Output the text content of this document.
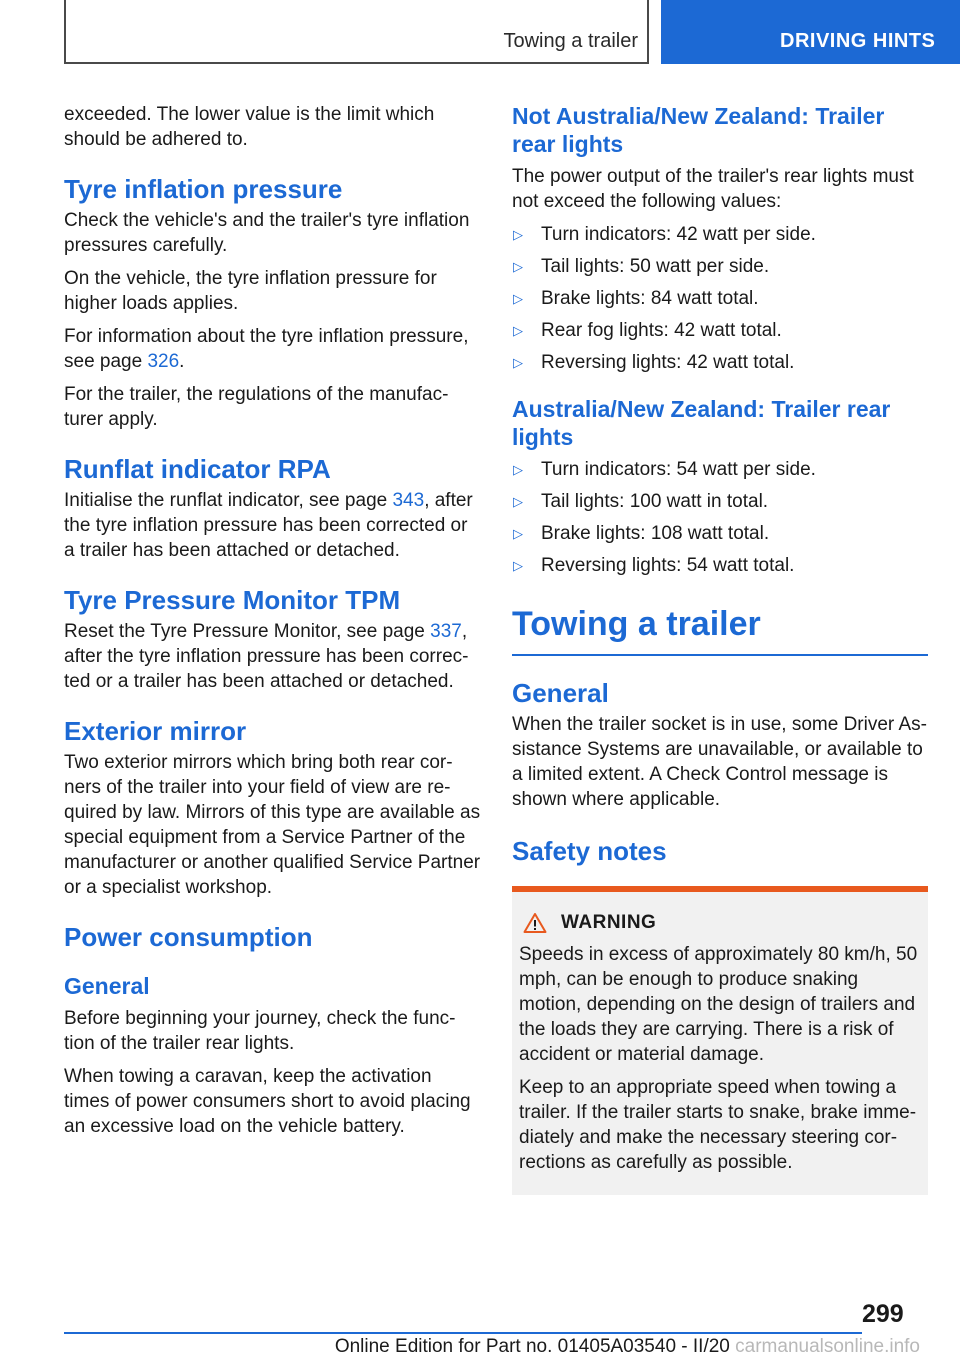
Towing a trailer	DRIVING HINTS

exceeded. The lower value is the limit which should be adhered to.

Tyre inflation pressure

Check the vehicle's and the trailer's tyre inflation pressures carefully.

On the vehicle, the tyre inflation pressure for higher loads applies.

For information about the tyre inflation pressure, see page 326.

For the trailer, the regulations of the manufac‐turer apply.

Runflat indicator RPA

Initialise the runflat indicator, see page 343, after the tyre inflation pressure has been corrected or a trailer has been attached or detached.

Tyre Pressure Monitor TPM

Reset the Tyre Pressure Monitor, see page 337, after the tyre inflation pressure has been correc‐ted or a trailer has been attached or detached.

Exterior mirror

Two exterior mirrors which bring both rear cor‐ners of the trailer into your field of view are re‐quired by law. Mirrors of this type are available as special equipment from a Service Partner of the manufacturer or another qualified Service Partner or a specialist workshop.

Power consumption
General

Before beginning your journey, check the func‐tion of the trailer rear lights.

When towing a caravan, keep the activation times of power consumers short to avoid placing an excessive load on the vehicle battery.

Not Australia/New Zealand: Trailer rear lights

The power output of the trailer's rear lights must not exceed the following values:

▷ Turn indicators: 42 watt per side.
▷ Tail lights: 50 watt per side.
▷ Brake lights: 84 watt total.
▷ Rear fog lights: 42 watt total.
▷ Reversing lights: 42 watt total.
Australia/New Zealand: Trailer rear lights
▷ Turn indicators: 54 watt per side.
▷ Tail lights: 100 watt in total.
▷ Brake lights: 108 watt total.
▷ Reversing lights: 54 watt total.
Towing a trailer
General

When the trailer socket is in use, some Driver As‐sistance Systems are unavailable, or available to a limited extent. A Check Control message is shown where applicable.

Safety notes
WARNING

Speeds in excess of approximately 80 km/h, 50 mph, can be enough to produce snaking motion, depending on the design of trailers and the loads they are carrying. There is a risk of accident or material damage.

Keep to an appropriate speed when towing a trailer. If the trailer starts to snake, brake imme‐diately and make the necessary steering cor‐rections as carefully as possible.

299
Online Edition for Part no. 01405A03540 - II/20 carmanualsonline.info
